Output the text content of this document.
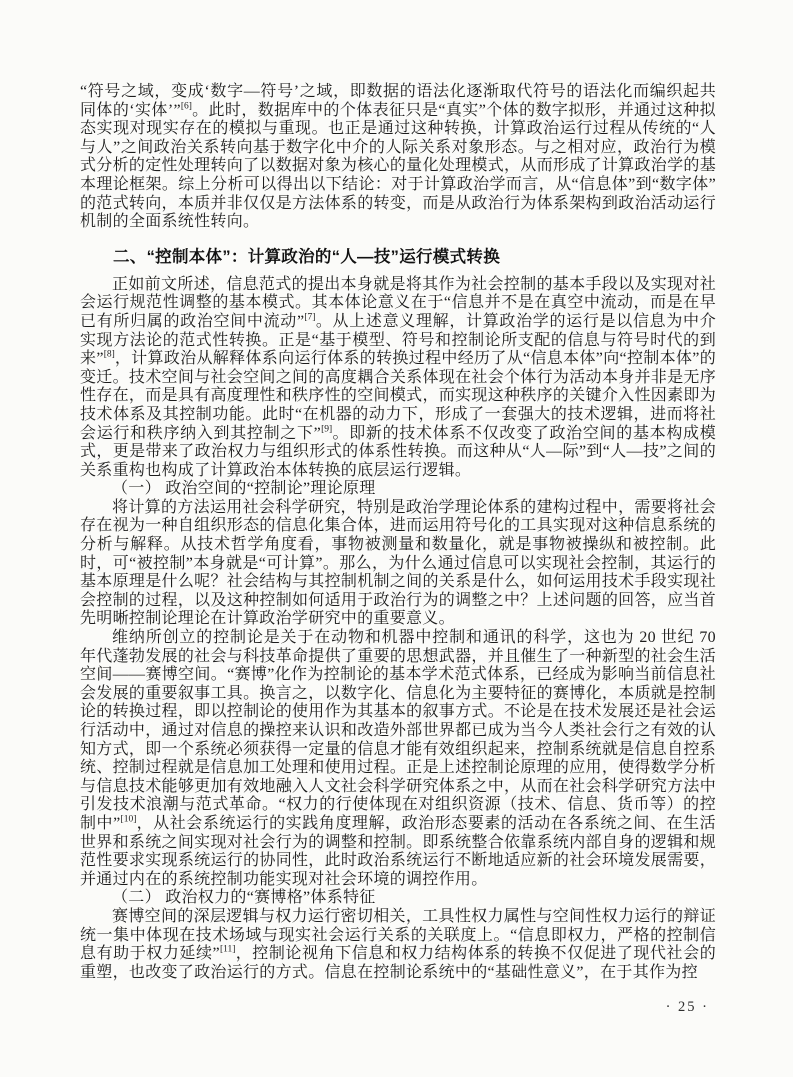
“符号之域，变成‘数字—符号’之域，即数据的语法化逐渐取代符号的语法化而编织起共同体的‘实体’”[6]。此时，数据库中的个体表征只是“真实”个体的数字拟形，并通过这种拟态实现对现实存在的模拟与重现。也正是通过这种转换，计算政治运行过程从传统的“人与人”之间政治关系转向基于数字化中介的人际关系对象形态。与之相对应，政治行为模式分析的定性处理转向了以数据对象为核心的量化处理模式，从而形成了计算政治学的基本理论框架。综上分析可以得出以下结论：对于计算政治学而言，从“信息体”到“数字体”的范式转向，本质并非仅仅是方法体系的转变，而是从政治行为体系架构到政治活动运行机制的全面系统性转向。

二、“控制本体”：计算政治的“人—技”运行模式转换

正如前文所述，信息范式的提出本身就是将其作为社会控制的基本手段以及实现对社会运行规范性调整的基本模式。其本体论意义在于“信息并不是在真空中流动，而是在早已有所归属的政治空间中流动”[7]。从上述意义理解，计算政治学的运行是以信息为中介实现方法论的范式性转换。正是“基于模型、符号和控制论所支配的信息与符号时代的到来”[8]，计算政治从解释体系向运行体系的转换过程中经历了从“信息本体”向“控制本体”的变迁。技术空间与社会空间之间的高度耦合关系体现在社会个体行为活动本身并非是无序性存在，而是具有高度理性和秩序性的空间模式，而实现这种秩序的关键介入性因素即为技术体系及其控制功能。此时“在机器的动力下，形成了一套强大的技术逻辑，进而将社会运行和秩序纳入到其控制之下”[9]。即新的技术体系不仅改变了政治空间的基本构成模式，更是带来了政治权力与组织形式的体系性转换。而这种从“人—际”到“人—技”之间的关系重构也构成了计算政治本体转换的底层运行逻辑。

（一） 政治空间的“控制论”理论原理

将计算的方法运用社会科学研究，特别是政治学理论体系的建构过程中，需要将社会存在视为一种自组织形态的信息化集合体，进而运用符号化的工具实现对这种信息系统的分析与解释。从技术哲学角度看，事物被测量和数量化，就是事物被操纵和被控制。此时，可“被控制”本身就是“可计算”。那么，为什么通过信息可以实现社会控制，其运行的基本原理是什么呢？社会结构与其控制机制之间的关系是什么，如何运用技术手段实现社会控制的过程，以及这种控制如何适用于政治行为的调整之中？上述问题的回答，应当首先明晰控制论理论在计算政治学研究中的重要意义。

维纳所创立的控制论是关于在动物和机器中控制和通讯的科学，这也为 20 世纪 70 年代蓬勃发展的社会与科技革命提供了重要的思想武器，并且催生了一种新型的社会生活空间——赛博空间。“赛博”化作为控制论的基本学术范式体系，已经成为影响当前信息社会发展的重要叙事工具。换言之，以数字化、信息化为主要特征的赛博化，本质就是控制论的转换过程，即以控制论的使用作为其基本的叙事方式。不论是在技术发展还是社会运行活动中，通过对信息的操控来认识和改造外部世界都已成为当今人类社会行之有效的认知方式，即一个系统必须获得一定量的信息才能有效组织起来，控制系统就是信息自控系统、控制过程就是信息加工处理和使用过程。正是上述控制论原理的应用，使得数学分析与信息技术能够更加有效地融入人文社会科学研究体系之中，从而在社会科学研究方法中引发技术浪潮与范式革命。“权力的行使体现在对组织资源（技术、信息、货币等）的控制中”[10]，从社会系统运行的实践角度理解，政治形态要素的活动在各系统之间、在生活世界和系统之间实现对社会行为的调整和控制。即系统整合依靠系统内部自身的逻辑和规范性要求实现系统运行的协同性，此时政治系统运行不断地适应新的社会环境发展需要，并通过内在的系统控制功能实现对社会环境的调控作用。

（二） 政治权力的“赛博格”体系特征

赛博空间的深层逻辑与权力运行密切相关，工具性权力属性与空间性权力运行的辩证统一集中体现在技术场域与现实社会运行关系的关联度上。“信息即权力，严格的控制信息有助于权力延续”[11]，控制论视角下信息和权力结构体系的转换不仅促进了现代社会的重塑，也改变了政治运行的方式。信息在控制论系统中的“基础性意义”，在于其作为控

· 25 ·
